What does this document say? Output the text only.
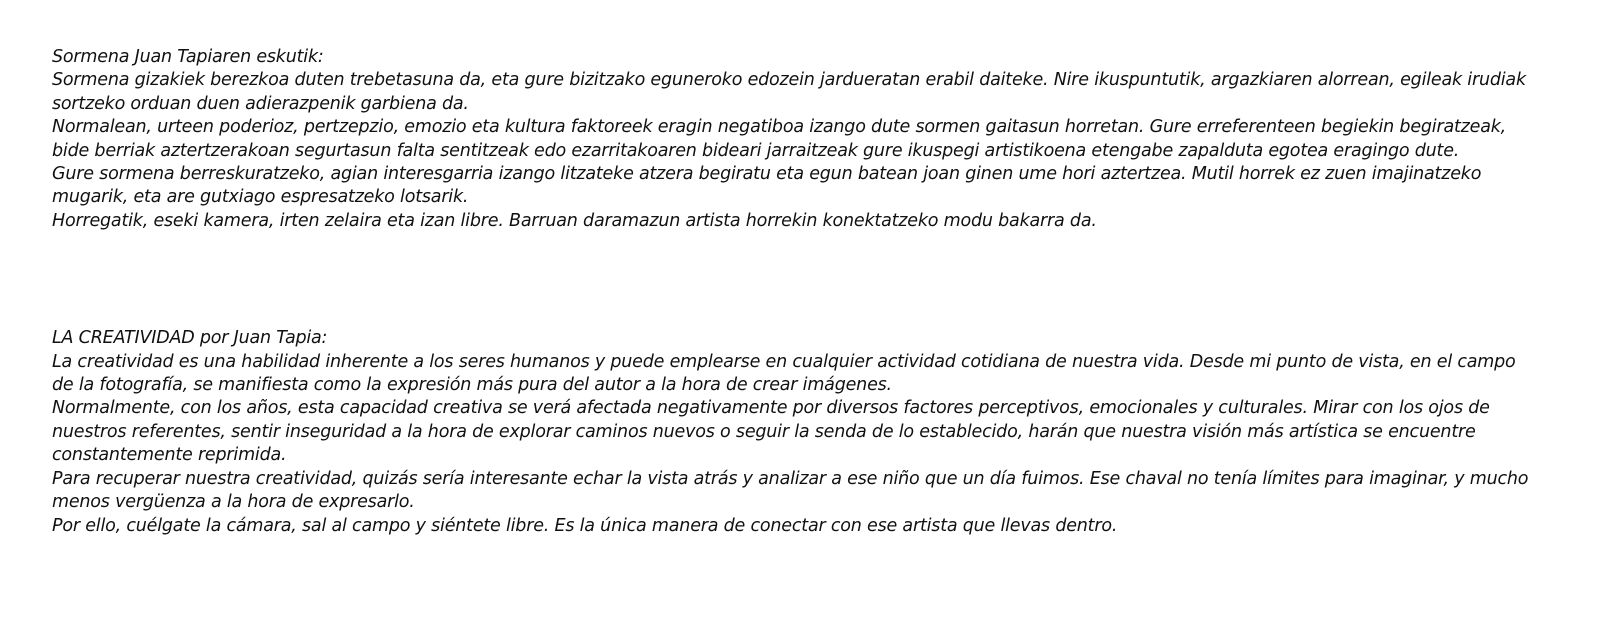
Sormena Juan Tapiaren eskutik:

Sormena gizakiek berezkoa duten trebetasuna da, eta gure bizitzako eguneroko edozein jardueratan erabil daiteke. Nire ikuspuntutik, argazkiaren alorrean, egileak irudiak sortzeko orduan duen adierazpenik garbiena da.

Normalean, urteen poderioz, pertzepzio, emozio eta kultura faktoreek eragin negatiboa izango dute sormen gaitasun horretan. Gure erreferenteen begiekin begiratzeak, bide berriak aztertzerakoan segurtasun falta sentitzeak edo ezarritakoaren bideari jarraitzeak gure ikuspegi artistikoena etengabe zapalduta egotea eragingo dute.

Gure sormena berreskuratzeko, agian interesgarria izango litzateke atzera begiratu eta egun batean joan ginen ume hori aztertzea. Mutil horrek ez zuen imajinatzeko mugarik, eta are gutxiago espresatzeko lotsarik.

Horregatik, eseki kamera, irten zelaira eta izan libre. Barruan daramazun artista horrekin konektatzeko modu bakarra da.

LA CREATIVIDAD por Juan Tapia:

La creatividad es una habilidad inherente a los seres humanos y puede emplearse en cualquier actividad cotidiana de nuestra vida. Desde mi punto de vista, en el campo de la fotografía, se manifiesta como la expresión más pura del autor a la hora de crear imágenes.

Normalmente, con los años, esta capacidad creativa se verá afectada negativamente por diversos factores perceptivos, emocionales y culturales. Mirar con los ojos de nuestros referentes, sentir inseguridad a la hora de explorar caminos nuevos o seguir la senda de lo establecido, harán que nuestra visión más artística se encuentre constantemente reprimida.

Para recuperar nuestra creatividad, quizás sería interesante echar la vista atrás y analizar a ese niño que un día fuimos. Ese chaval no tenía límites para imaginar, y mucho menos vergüenza a la hora de expresarlo.

Por ello, cuélgate la cámara, sal al campo y siéntete libre. Es la única manera de conectar con ese artista que llevas dentro.
